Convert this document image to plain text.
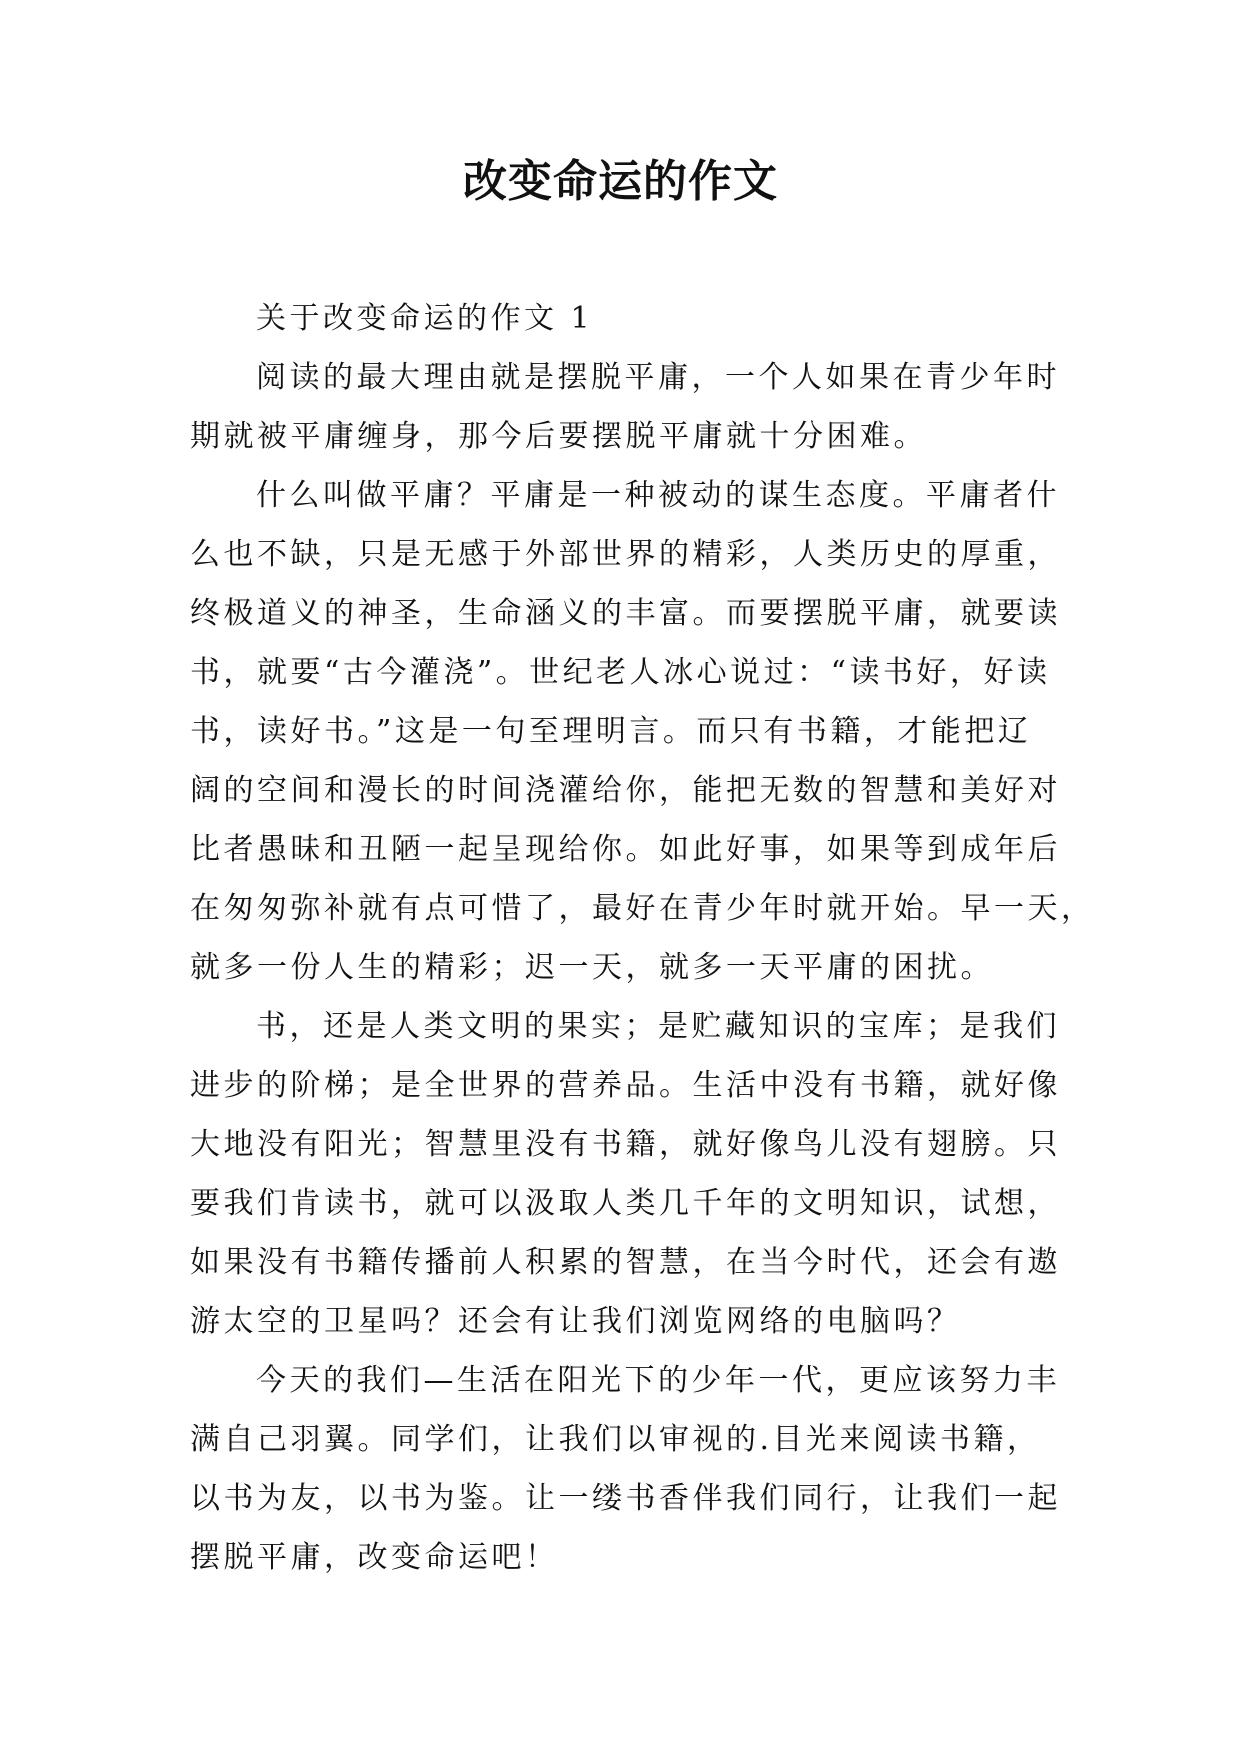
改变命运的作文
关于改变命运的作文 1
阅读的最大理由就是摆脱平庸，一个人如果在青少年时
期就被平庸缠身，那今后要摆脱平庸就十分困难。
什么叫做平庸？平庸是一种被动的谋生态度。平庸者什
么也不缺，只是无感于外部世界的精彩，人类历史的厚重，
终极道义的神圣，生命涵义的丰富。而要摆脱平庸，就要读
书，就要“古今灌浇”。世纪老人冰心说过：“读书好，好读
书，读好书。”这是一句至理明言。而只有书籍，才能把辽
阔的空间和漫长的时间浇灌给你，能把无数的智慧和美好对
比者愚昧和丑陋一起呈现给你。如此好事，如果等到成年后
在匆匆弥补就有点可惜了，最好在青少年时就开始。早一天，
就多一份人生的精彩；迟一天，就多一天平庸的困扰。
书，还是人类文明的果实；是贮藏知识的宝库；是我们
进步的阶梯；是全世界的营养品。生活中没有书籍，就好像
大地没有阳光；智慧里没有书籍，就好像鸟儿没有翅膀。只
要我们肯读书，就可以汲取人类几千年的文明知识，试想，
如果没有书籍传播前人积累的智慧，在当今时代，还会有遨
游太空的卫星吗？还会有让我们浏览网络的电脑吗？
今天的我们—生活在阳光下的少年一代，更应该努力丰
满自己羽翼。同学们，让我们以审视的.目光来阅读书籍，
以书为友，以书为鉴。让一缕书香伴我们同行，让我们一起
摆脱平庸，改变命运吧！
